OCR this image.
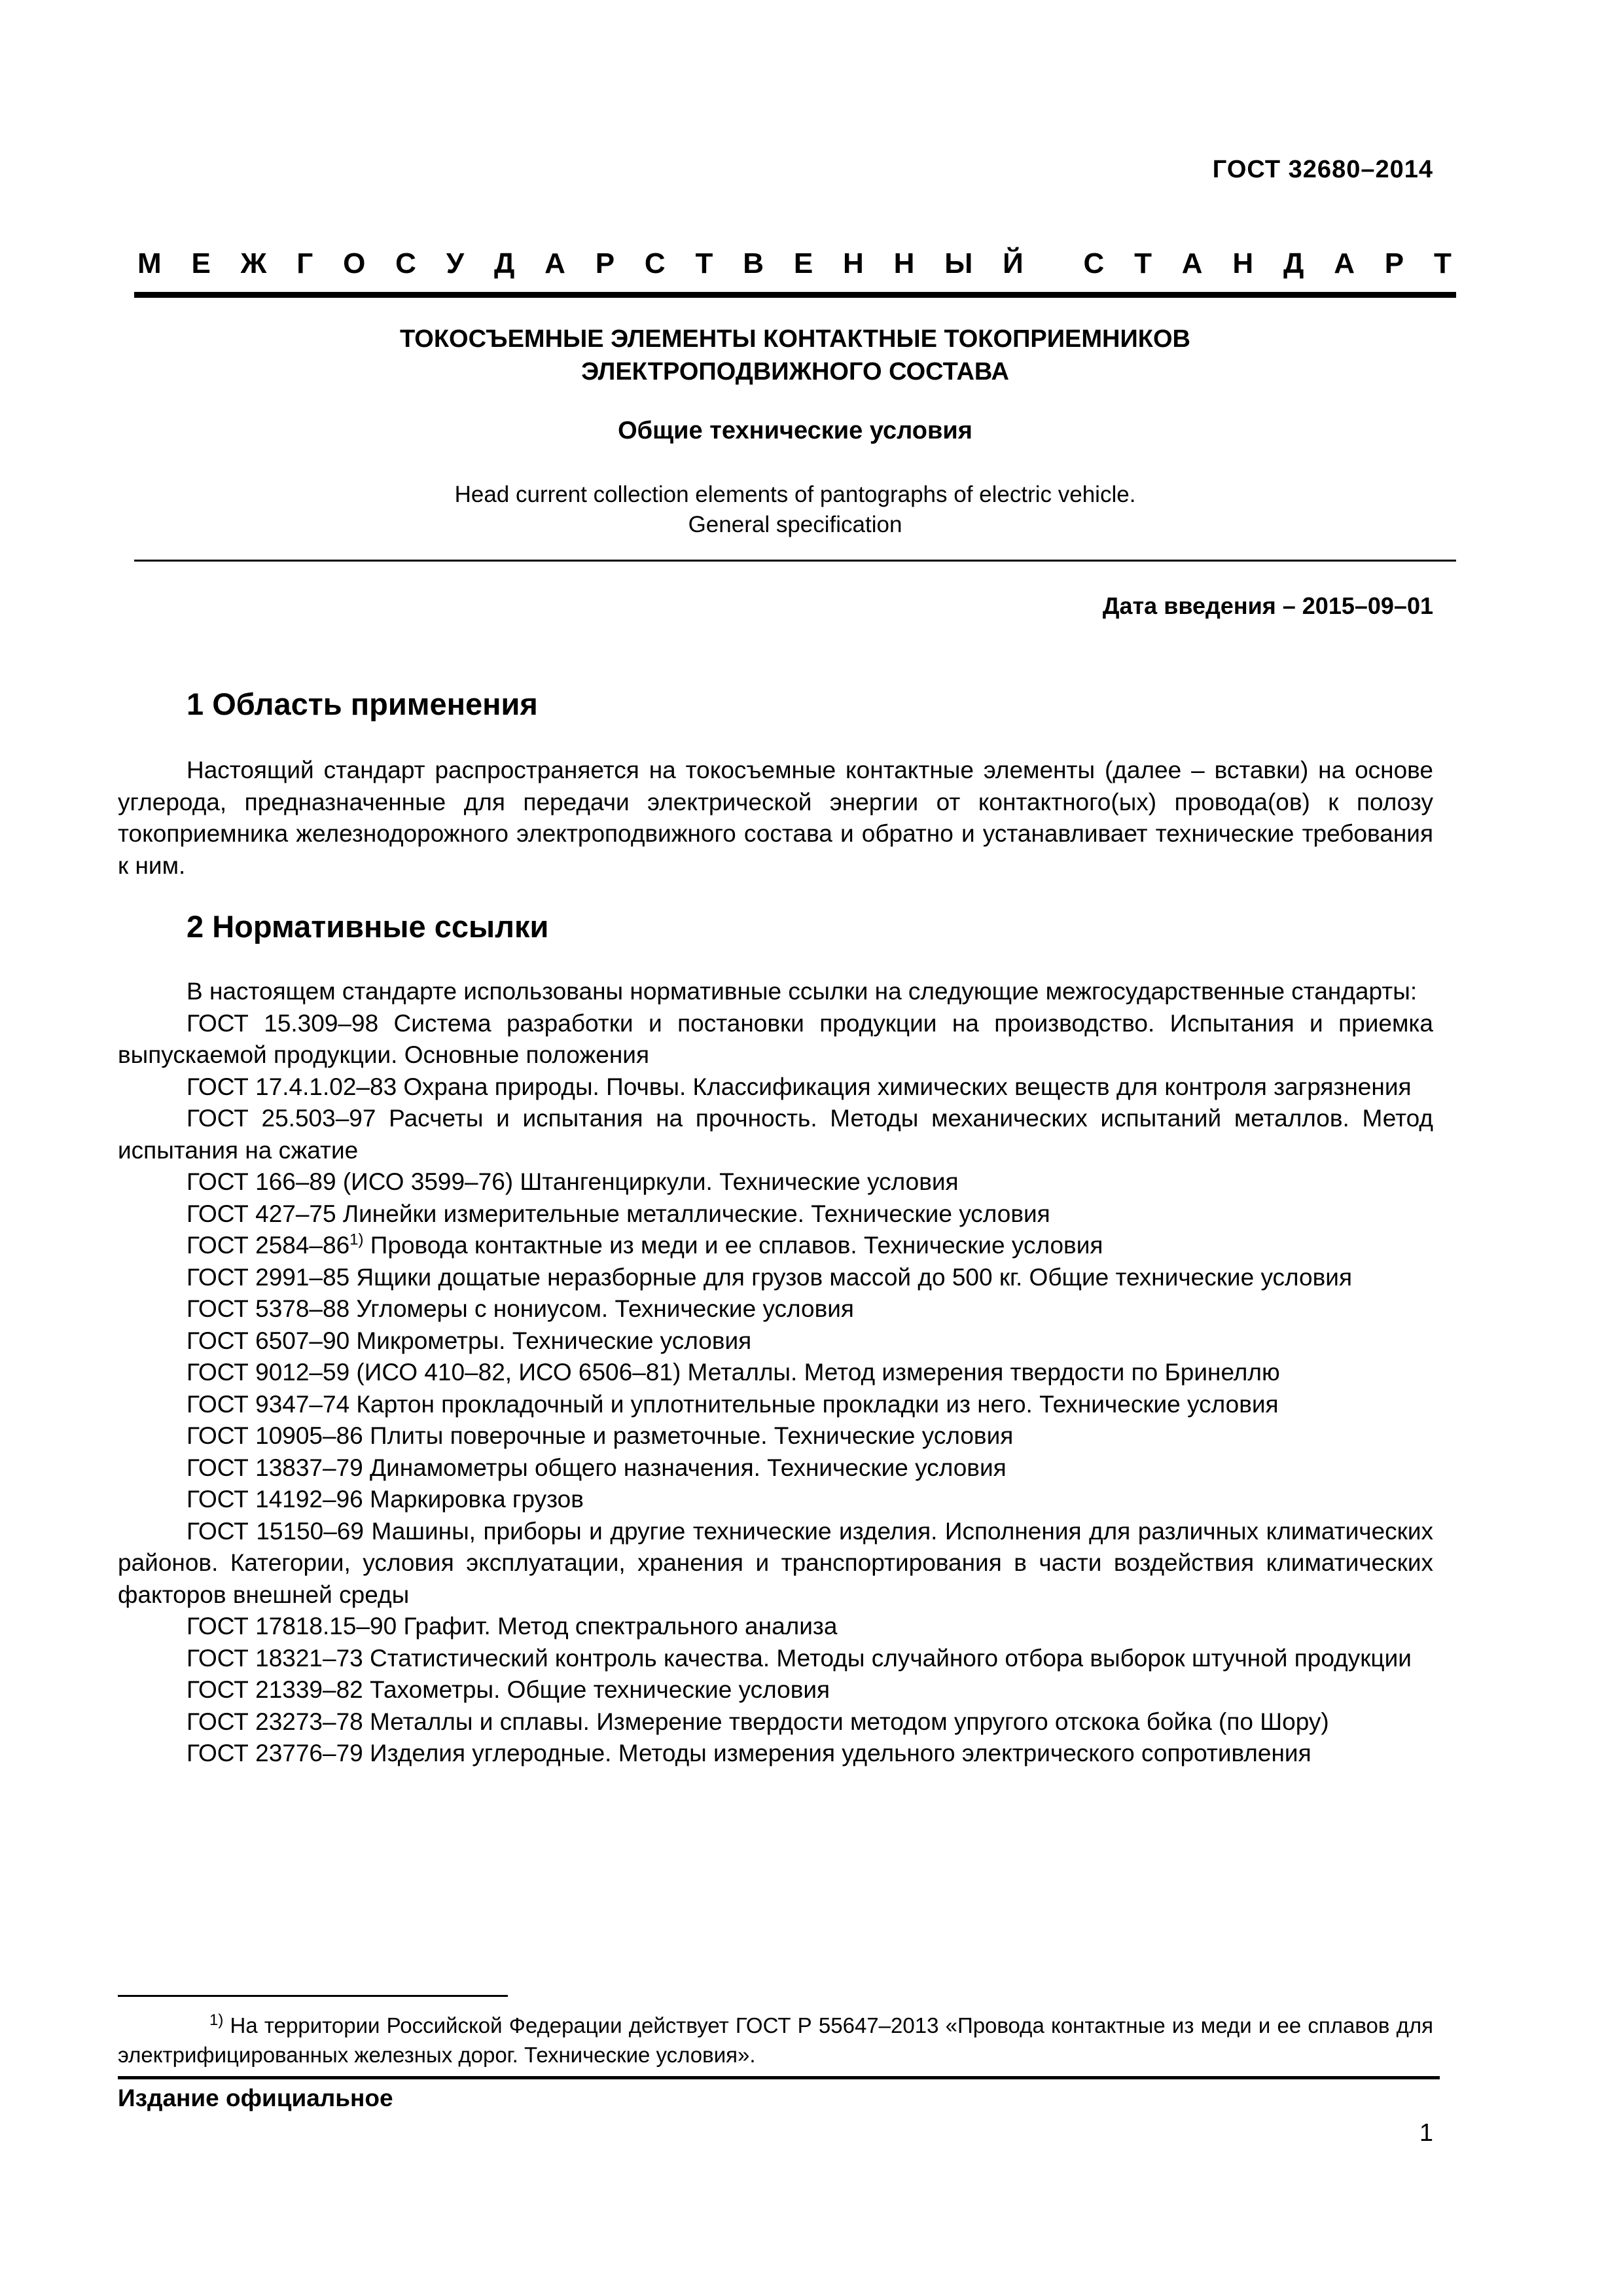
ГОСТ 32680–2014
М Е Ж Г О С У Д А Р С Т В Е Н Н Ы Й С Т А Н Д А Р Т
ТОКОСЪЕМНЫЕ ЭЛЕМЕНТЫ КОНТАКТНЫЕ ТОКОПРИЕМНИКОВ
ЭЛЕКТРОПОДВИЖНОГО СОСТАВА
Общие технические условия
Head current collection elements of pantographs of electric vehicle.
General specification
Дата введения – 2015–09–01
1 Область применения

Настоящий стандарт распространяется на токосъемные контактные элементы (далее – вставки) на основе углерода, предназначенные для передачи электрической энергии от контактного(ых) провода(ов) к полозу токоприемника железнодорожного электроподвижного состава и обратно и устанавливает технические требования к ним.

2 Нормативные ссылки

В настоящем стандарте использованы нормативные ссылки на следующие межгосударственные стандарты:

ГОСТ 15.309–98 Система разработки и постановки продукции на производство. Испытания и приемка выпускаемой продукции. Основные положения

ГОСТ 17.4.1.02–83 Охрана природы. Почвы. Классификация химических веществ для контроля загрязнения

ГОСТ 25.503–97 Расчеты и испытания на прочность. Методы механических испытаний металлов. Метод испытания на сжатие

ГОСТ 166–89 (ИСО 3599–76) Штангенциркули. Технические условия

ГОСТ 427–75 Линейки измерительные металлические. Технические условия

ГОСТ 2584–86$^{1)}$ Провода контактные из меди и ее сплавов. Технические условия

ГОСТ 2991–85 Ящики дощатые неразборные для грузов массой до 500 кг. Общие технические условия

ГОСТ 5378–88 Угломеры с нониусом. Технические условия

ГОСТ 6507–90 Микрометры. Технические условия

ГОСТ 9012–59 (ИСО 410–82, ИСО 6506–81) Металлы. Метод измерения твердости по Бринеллю

ГОСТ 9347–74 Картон прокладочный и уплотнительные прокладки из него. Технические условия

ГОСТ 10905–86 Плиты поверочные и разметочные. Технические условия

ГОСТ 13837–79 Динамометры общего назначения. Технические условия

ГОСТ 14192–96 Маркировка грузов

ГОСТ 15150–69 Машины, приборы и другие технические изделия. Исполнения для различных климатических районов. Категории, условия эксплуатации, хранения и транспортирования в части воздействия климатических факторов внешней среды

ГОСТ 17818.15–90 Графит. Метод спектрального анализа

ГОСТ 18321–73 Статистический контроль качества. Методы случайного отбора выборок штучной продукции

ГОСТ 21339–82 Тахометры. Общие технические условия

ГОСТ 23273–78 Металлы и сплавы. Измерение твердости методом упругого отскока бойка (по Шору)

ГОСТ 23776–79 Изделия углеродные. Методы измерения удельного электрического сопротивления

$^{1)}$ На территории Российской Федерации действует ГОСТ Р 55647–2013 «Провода контактные из меди и ее сплавов для электрифицированных железных дорог. Технические условия».

Издание официальное
1
